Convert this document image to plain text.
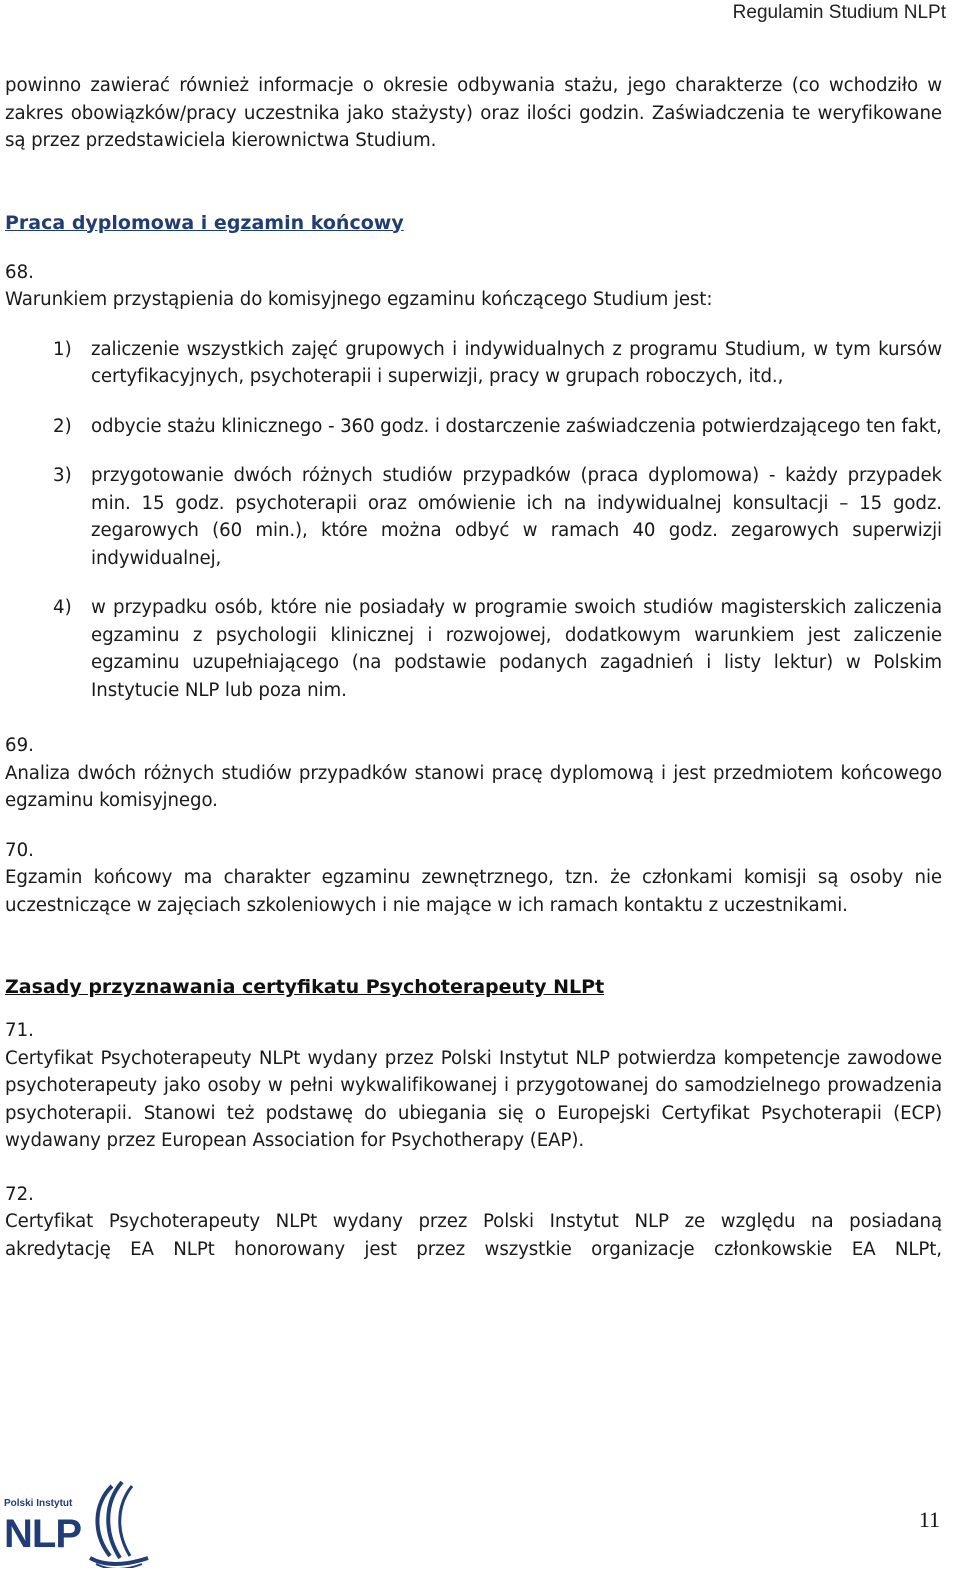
Regulamin Studium NLPt

powinno zawierać również informacje o okresie odbywania stażu, jego charakterze (co wchodziło w zakres obowiązków/pracy uczestnika jako stażysty) oraz ilości godzin. Zaświadczenia te weryfikowane są przez przedstawiciela kierownictwa Studium.

Praca dyplomowa i egzamin końcowy

68.

Warunkiem przystąpienia do komisyjnego egzaminu kończącego Studium jest:

1)	zaliczenie wszystkich zajęć grupowych i indywidualnych z programu Studium, w tym kursów certyfikacyjnych, psychoterapii i superwizji, pracy w grupach roboczych, itd.,
2)	odbycie stażu klinicznego - 360 godz. i dostarczenie zaświadczenia potwierdzającego ten fakt,
3)	przygotowanie dwóch różnych studiów przypadków (praca dyplomowa) - każdy przypadek min. 15 godz. psychoterapii oraz omówienie ich na indywidualnej konsultacji – 15 godz. zegarowych (60 min.), które można odbyć w ramach 40 godz. zegarowych superwizji indywidualnej,
4)	w przypadku osób, które nie posiadały w programie swoich studiów magisterskich zaliczenia egzaminu z psychologii klinicznej i rozwojowej, dodatkowym warunkiem jest zaliczenie egzaminu uzupełniającego (na podstawie podanych zagadnień i listy lektur) w Polskim Instytucie NLP lub poza nim.

69.

Analiza dwóch różnych studiów przypadków stanowi pracę dyplomową i jest przedmiotem końcowego egzaminu komisyjnego.

70.

Egzamin końcowy ma charakter egzaminu zewnętrznego, tzn. że członkami komisji są osoby nie uczestniczące w zajęciach szkoleniowych i nie mające w ich ramach kontaktu z uczestnikami.

Zasady przyznawania certyfikatu Psychoterapeuty NLPt

71.

Certyfikat Psychoterapeuty NLPt wydany przez Polski Instytut NLP potwierdza kompetencje zawodowe psychoterapeuty jako osoby w pełni wykwalifikowanej i przygotowanej do samodzielnego prowadzenia psychoterapii. Stanowi też podstawę do ubiegania się o Europejski Certyfikat Psychoterapii (ECP) wydawany przez European Association for Psychotherapy (EAP).

72.

Certyfikat Psychoterapeuty NLPt wydany przez Polski Instytut NLP ze względu na posiadaną akredytację EA NLPt honorowany jest przez wszystkie organizacje członkowskie EA NLPt,

Polski Instytut
NLP	11
